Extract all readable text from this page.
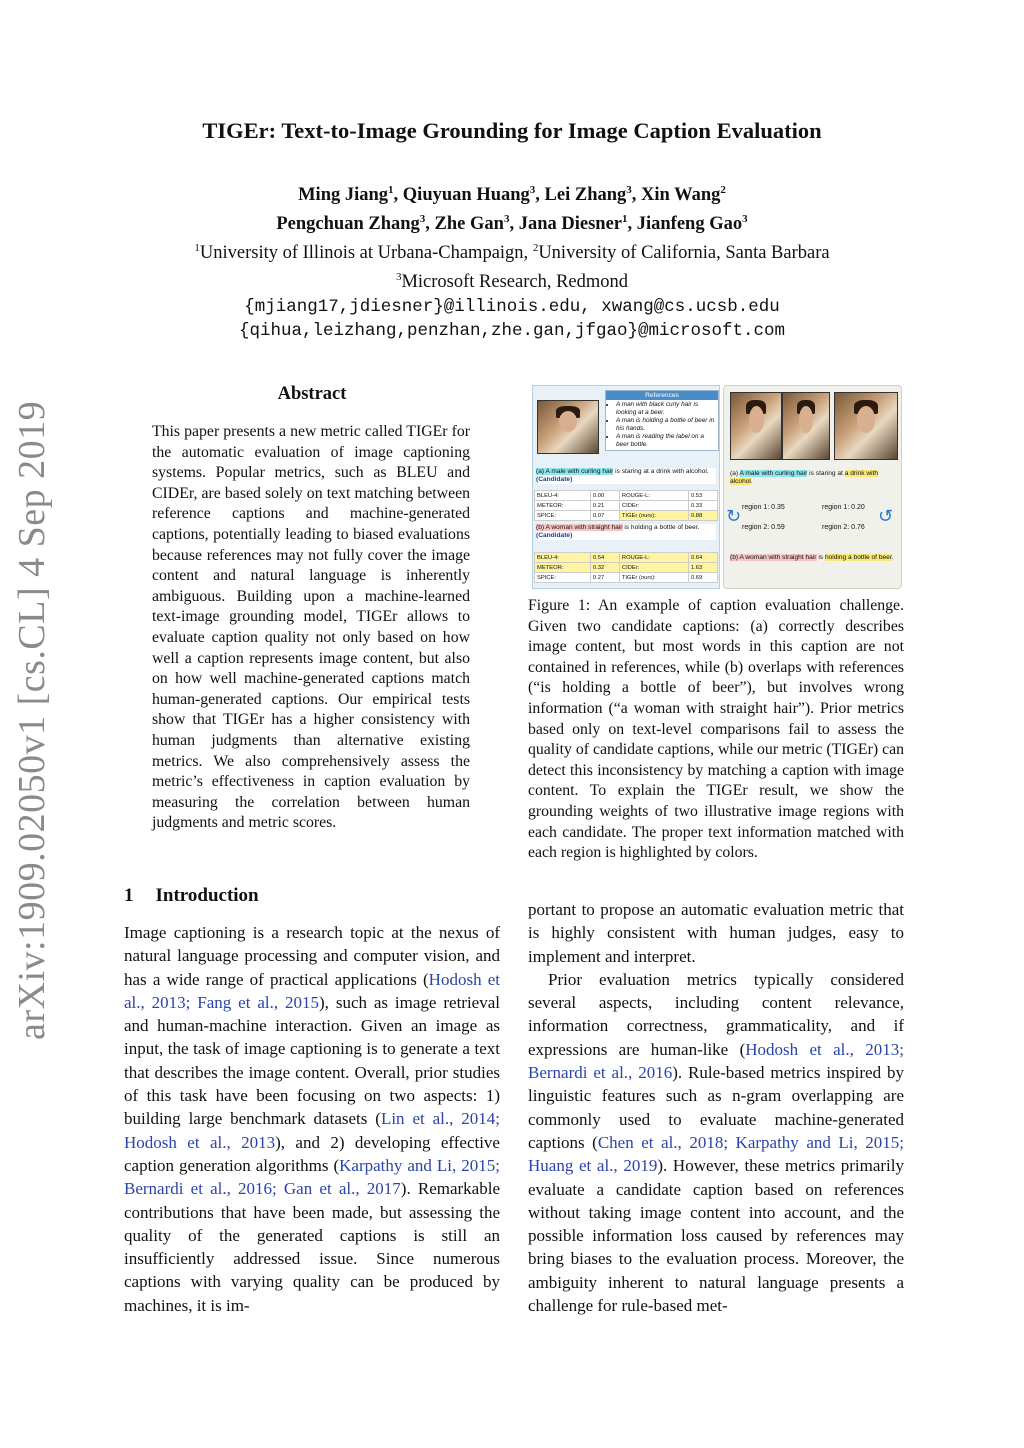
arXiv:1909.02050v1 [cs.CL] 4 Sep 2019
TIGEr: Text-to-Image Grounding for Image Caption Evaluation
Ming Jiang$^1$, Qiuyuan Huang$^3$, Lei Zhang$^3$, Xin Wang$^2$
Pengchuan Zhang$^3$, Zhe Gan$^3$, Jana Diesner$^1$, Jianfeng Gao$^3$
$^1$University of Illinois at Urbana-Champaign, $^2$University of California, Santa Barbara
$^3$Microsoft Research, Redmond
{mjiang17,jdiesner}@illinois.edu, xwang@cs.ucsb.edu
{qihua,leizhang,penzhan,zhe.gan,jfgao}@microsoft.com
Abstract
This paper presents a new metric called TIGEr for the automatic evaluation of image captioning systems. Popular metrics, such as BLEU and CIDEr, are based solely on text matching between reference captions and machine-generated captions, potentially leading to biased evaluations because references may not fully cover the image content and natural language is inherently ambiguous. Building upon a machine-learned text-image grounding model, TIGEr allows to evaluate caption quality not only based on how well a caption represents image content, but also on how well machine-generated captions match human-generated captions. Our empirical tests show that TIGEr has a higher consistency with human judgments than alternative existing metrics. We also comprehensively assess the metric’s effectiveness in caption evaluation by measuring the correlation between human judgments and metric scores.
1 Introduction

Image captioning is a research topic at the nexus of natural language processing and computer vision, and has a wide range of practical applications (Hodosh et al., 2013; Fang et al., 2015), such as image retrieval and human-machine interaction. Given an image as input, the task of image captioning is to generate a text that describes the image content. Overall, prior studies of this task have been focusing on two aspects: 1) building large benchmark datasets (Lin et al., 2014; Hodosh et al., 2013), and 2) developing effective caption generation algorithms (Karpathy and Li, 2015; Bernardi et al., 2016; Gan et al., 2017). Remarkable contributions that have been made, but assessing the quality of the generated captions is still an insufficiently addressed issue. Since numerous captions with varying quality can be produced by machines, it is im-

References
• A man with black curly hair is looking at a beer.
• A man is holding a bottle of beer in his hands.
• A man is reading the label on a beer bottle.
(a) A male with curling hair is staring at a drink with alcohol. (Candidate)
BLEU-4:	0.00	ROUGE-L:	0.53
METEOR:	0.21	CIDEr:	0.33
SPICE:	0.07	TIGEr (ours):	0.88
(b) A woman with straight hair is holding a bottle of beer. (Candidate)
BLEU-4:	0.54	ROUGE-L:	0.64
METEOR:	0.32	CIDEr:	1.63
SPICE:	0.27	TIGEr (ours):	0.69
(a) A male with curling hair is staring at a drink with alcohol.
region 1: 0.35
region 2: 0.59
region 1: 0.20
region 2: 0.76
↻	↺
(b) A woman with straight hair is holding a bottle of beer.
Figure 1: An example of caption evaluation challenge. Given two candidate captions: (a) correctly describes image content, but most words in this caption are not contained in references, while (b) overlaps with references (“is holding a bottle of beer”), but involves wrong information (“a woman with straight hair”). Prior metrics based only on text-level comparisons fail to assess the quality of candidate captions, while our metric (TIGEr) can detect this inconsistency by matching a caption with image content. To explain the TIGEr result, we show the grounding weights of two illustrative image regions with each candidate. The proper text information matched with each region is highlighted by colors.

portant to propose an automatic evaluation metric that is highly consistent with human judges, easy to implement and interpret.

Prior evaluation metrics typically considered several aspects, including content relevance, information correctness, grammaticality, and if expressions are human-like (Hodosh et al., 2013; Bernardi et al., 2016). Rule-based metrics inspired by linguistic features such as n-gram overlapping are commonly used to evaluate machine-generated captions (Chen et al., 2018; Karpathy and Li, 2015; Huang et al., 2019). However, these metrics primarily evaluate a candidate caption based on references without taking image content into account, and the possible information loss caused by references may bring biases to the evaluation process. Moreover, the ambiguity inherent to natural language presents a challenge for rule-based met-
